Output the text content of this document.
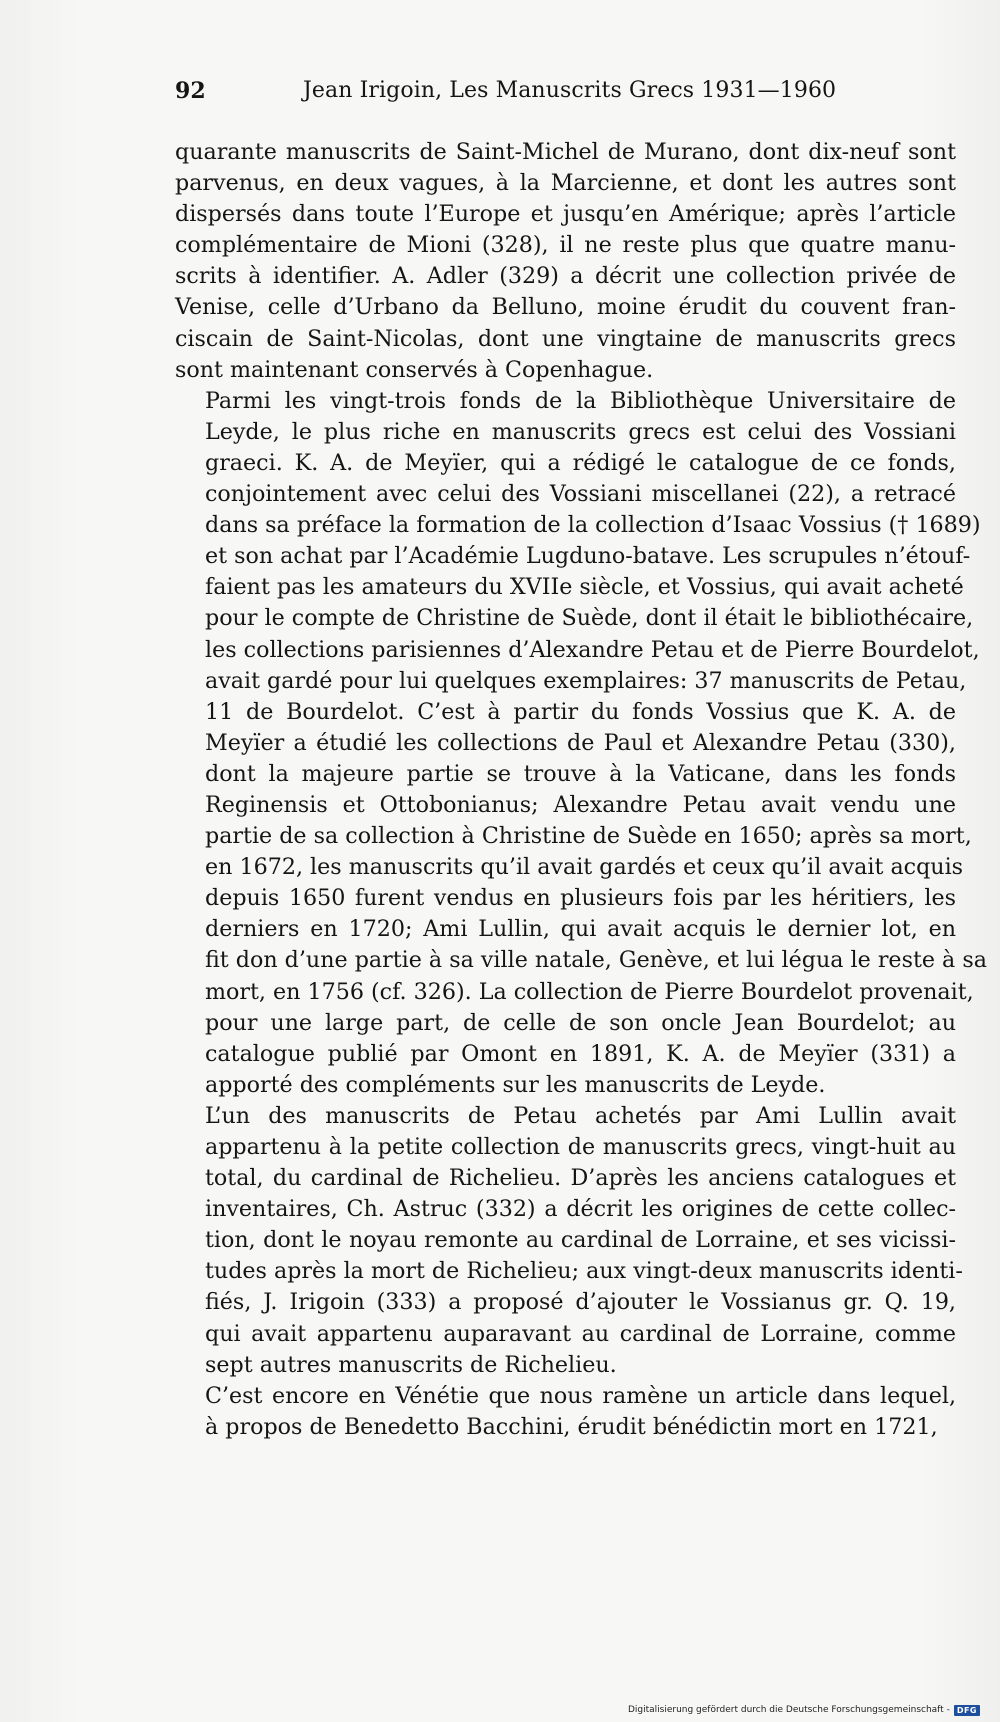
92	Jean Irigoin, Les Manuscrits Grecs 1931—1960
quarante manuscrits de Saint-Michel de Murano, dont dix-neuf sont
parvenus, en deux vagues, à la Marcienne, et dont les autres sont
dispersés dans toute l’Europe et jusqu’en Amérique; après l’article
complémentaire de Mioni (328), il ne reste plus que quatre manu-
scrits à identifier. A. Adler (329) a décrit une collection privée de
Venise, celle d’Urbano da Belluno, moine érudit du couvent fran-
ciscain de Saint-Nicolas, dont une vingtaine de manuscrits grecs
sont maintenant conservés à Copenhague.
Parmi les vingt-trois fonds de la Bibliothèque Universitaire de
Leyde, le plus riche en manuscrits grecs est celui des Vossiani
graeci. K. A. de Meyïer, qui a rédigé le catalogue de ce fonds,
conjointement avec celui des Vossiani miscellanei (22), a retracé
dans sa préface la formation de la collection d’Isaac Vossius († 1689)
et son achat par l’Académie Lugduno-batave. Les scrupules n’étouf-
faient pas les amateurs du XVIIe siècle, et Vossius, qui avait acheté
pour le compte de Christine de Suède, dont il était le bibliothécaire,
les collections parisiennes d’Alexandre Petau et de Pierre Bourdelot,
avait gardé pour lui quelques exemplaires: 37 manuscrits de Petau,
11 de Bourdelot. C’est à partir du fonds Vossius que K. A. de
Meyïer a étudié les collections de Paul et Alexandre Petau (330),
dont la majeure partie se trouve à la Vaticane, dans les fonds
Reginensis et Ottobonianus; Alexandre Petau avait vendu une
partie de sa collection à Christine de Suède en 1650; après sa mort,
en 1672, les manuscrits qu’il avait gardés et ceux qu’il avait acquis
depuis 1650 furent vendus en plusieurs fois par les héritiers, les
derniers en 1720; Ami Lullin, qui avait acquis le dernier lot, en
fit don d’une partie à sa ville natale, Genève, et lui légua le reste à sa
mort, en 1756 (cf. 326). La collection de Pierre Bourdelot provenait,
pour une large part, de celle de son oncle Jean Bourdelot; au
catalogue publié par Omont en 1891, K. A. de Meyïer (331) a
apporté des compléments sur les manuscrits de Leyde.
L’un des manuscrits de Petau achetés par Ami Lullin avait
appartenu à la petite collection de manuscrits grecs, vingt-huit au
total, du cardinal de Richelieu. D’après les anciens catalogues et
inventaires, Ch. Astruc (332) a décrit les origines de cette collec-
tion, dont le noyau remonte au cardinal de Lorraine, et ses vicissi-
tudes après la mort de Richelieu; aux vingt-deux manuscrits identi-
fiés, J. Irigoin (333) a proposé d’ajouter le Vossianus gr. Q. 19,
qui avait appartenu auparavant au cardinal de Lorraine, comme
sept autres manuscrits de Richelieu.
C’est encore en Vénétie que nous ramène un article dans lequel,
à propos de Benedetto Bacchini, érudit bénédictin mort en 1721,
Digitalisierung gefördert durch die Deutsche Forschungsgemeinschaft - DFG
